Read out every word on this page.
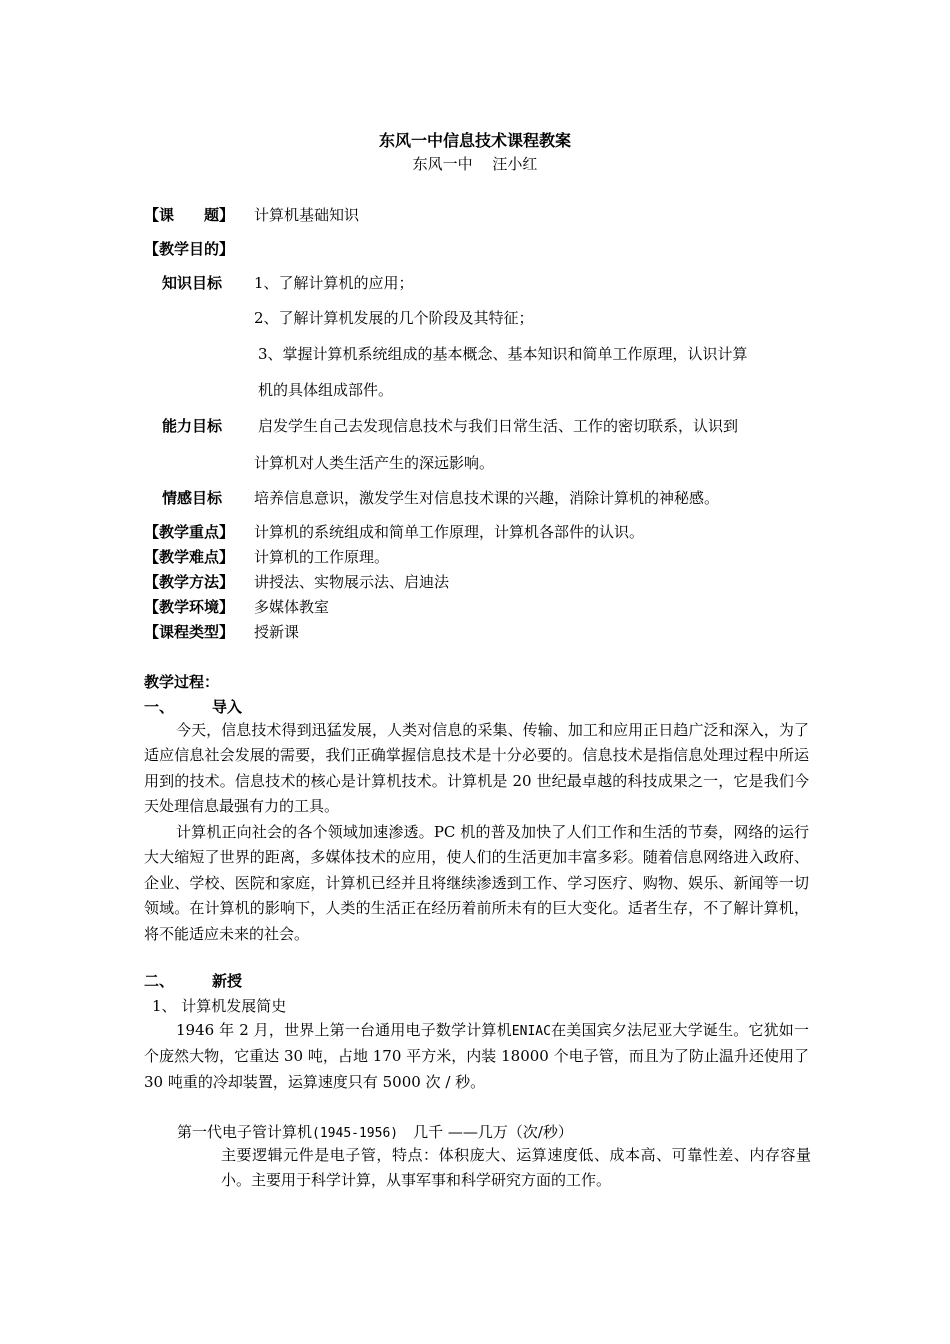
东风一中信息技术课程教案
东风一中　 汪小红
【课　　题】 计算机基础知识
【教学目的】
知识目标 1、了解计算机的应用；
2、了解计算机发展的几个阶段及其特征；
3、掌握计算机系统组成的基本概念、基本知识和简单工作原理，认识计算
机的具体组成部件。
能力目标 启发学生自己去发现信息技术与我们日常生活、工作的密切联系，认识到
计算机对人类生活产生的深远影响。
情感目标 培养信息意识，激发学生对信息技术课的兴趣，消除计算机的神秘感。
【教学重点】 计算机的系统组成和简单工作原理，计算机各部件的认识。
【教学难点】 计算机的工作原理。
【教学方法】 讲授法、实物展示法、启迪法
【教学环境】 多媒体教室
【课程类型】 授新课
教学过程：
一、	导入
今天，信息技术得到迅猛发展，人类对信息的采集、传输、加工和应用正日趋广泛和深入，为了适应信息社会发展的需要，我们正确掌握信息技术是十分必要的。信息技术是指信息处理过程中所运用到的技术。信息技术的核心是计算机技术。计算机是 20 世纪最卓越的科技成果之一，它是我们今天处理信息最强有力的工具。
计算机正向社会的各个领域加速渗透。PC 机的普及加快了人们工作和生活的节奏，网络的运行大大缩短了世界的距离，多媒体技术的应用，使人们的生活更加丰富多彩。随着信息网络进入政府、企业、学校、医院和家庭，计算机已经并且将继续渗透到工作、学习医疗、购物、娱乐、新闻等一切领域。在计算机的影响下，人类的生活正在经历着前所未有的巨大变化。适者生存，不了解计算机，将不能适应未来的社会。
二、	新授
1、 计算机发展简史
1946 年 2 月，世界上第一台通用电子数学计算机ENIAC在美国宾夕法尼亚大学诞生。它犹如一个庞然大物，它重达 30 吨，占地 170 平方米，内装 18000 个电子管，而且为了防止温升还使用了 30 吨重的冷却装置，运算速度只有 5000 次 / 秒。
第一代电子管计算机(1945-1956)　几千 ——几万（次/秒）
主要逻辑元件是电子管，特点：体积庞大、运算速度低、成本高、可靠性差、内存容量小。主要用于科学计算，从事军事和科学研究方面的工作。
